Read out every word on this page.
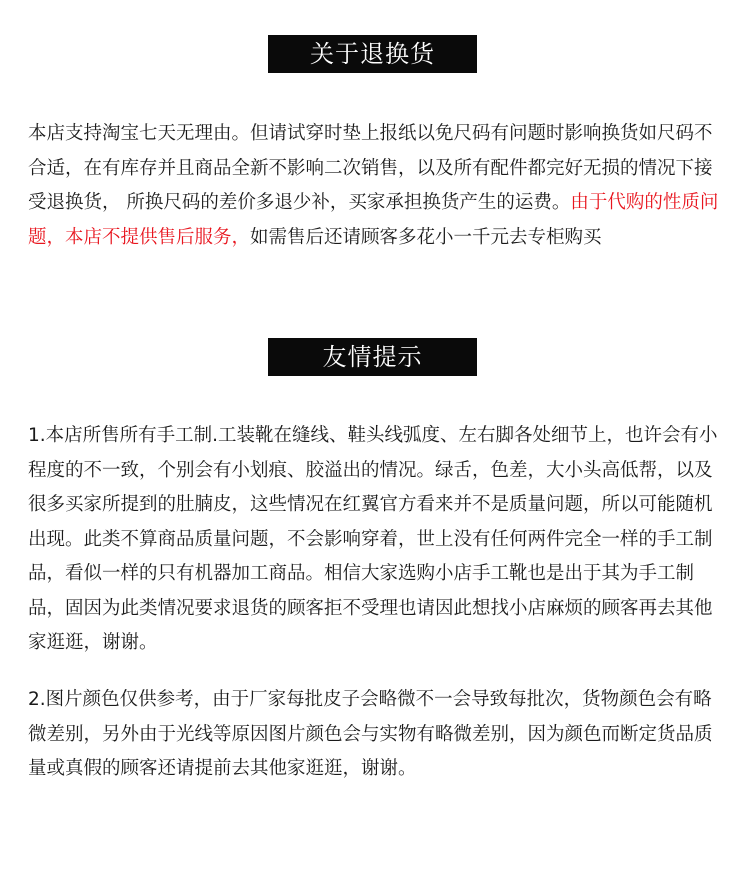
关于退换货

本店支持淘宝七天无理由。但请试穿时垫上报纸以免尺码有问题时影响换货如尺码不合适，在有库存并且商品全新不影响二次销售，以及所有配件都完好无损的情况下接受退换货， 所换尺码的差价多退少补，买家承担换货产生的运费。由于代购的性质问题，本店不提供售后服务，如需售后还请顾客多花小一千元去专柜购买

友情提示

1.本店所售所有手工制.工装靴在缝线、鞋头线弧度、左右脚各处细节上，也许会有小程度的不一致，个别会有小划痕、胶溢出的情况。绿舌，色差，大小头高低帮，以及很多买家所提到的肚腩皮，这些情况在红翼官方看来并不是质量问题，所以可能随机出现。此类不算商品质量问题，不会影响穿着，世上没有任何两件完全一样的手工制品，看似一样的只有机器加工商品。相信大家选购小店手工靴也是出于其为手工制品，固因为此类情况要求退货的顾客拒不受理也请因此想找小店麻烦的顾客再去其他家逛逛，谢谢。

2.图片颜色仅供参考，由于厂家每批皮子会略微不一会导致每批次，货物颜色会有略微差别，另外由于光线等原因图片颜色会与实物有略微差别，因为颜色而断定货品质量或真假的顾客还请提前去其他家逛逛，谢谢。
